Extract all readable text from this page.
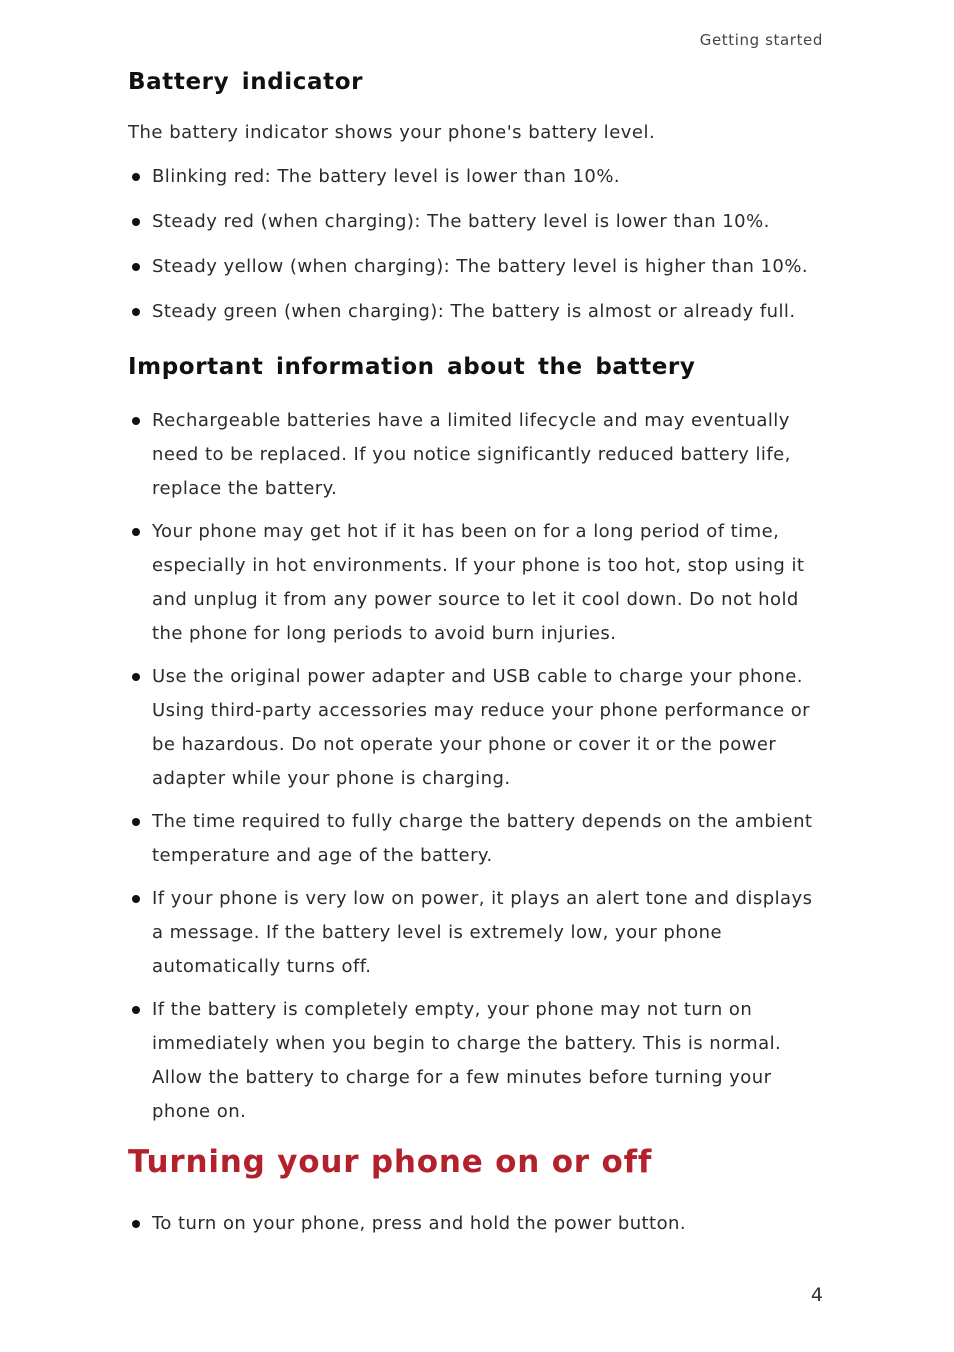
Getting started
Battery indicator
The battery indicator shows your phone's battery level.
Blinking red: The battery level is lower than 10%.
Steady red (when charging): The battery level is lower than 10%.
Steady yellow (when charging): The battery level is higher than 10%.
Steady green (when charging): The battery is almost or already full.
Important information about the battery
Rechargeable batteries have a limited lifecycle and may eventually need to be replaced. If you notice significantly reduced battery life, replace the battery.
Your phone may get hot if it has been on for a long period of time, especially in hot environments. If your phone is too hot, stop using it and unplug it from any power source to let it cool down. Do not hold the phone for long periods to avoid burn injuries.
Use the original power adapter and USB cable to charge your phone. Using third-party accessories may reduce your phone performance or be hazardous. Do not operate your phone or cover it or the power adapter while your phone is charging.
The time required to fully charge the battery depends on the ambient temperature and age of the battery.
If your phone is very low on power, it plays an alert tone and displays a message. If the battery level is extremely low, your phone automatically turns off.
If the battery is completely empty, your phone may not turn on immediately when you begin to charge the battery. This is normal. Allow the battery to charge for a few minutes before turning your phone on.
Turning your phone on or off
To turn on your phone, press and hold the power button.
4
